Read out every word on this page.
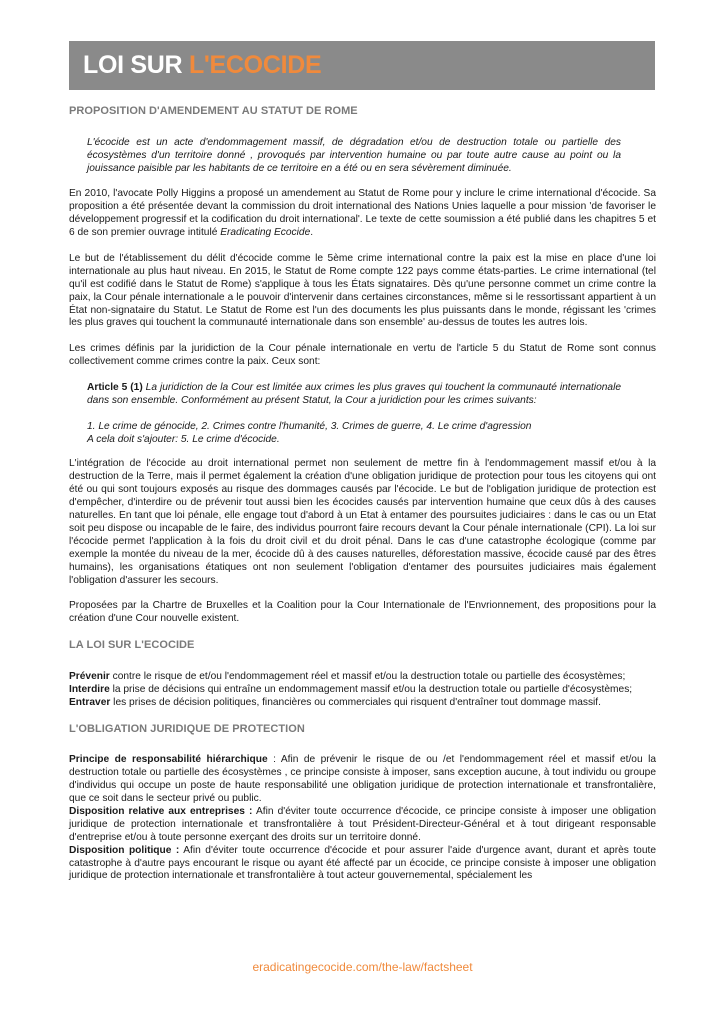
LOI SUR L'ECOCIDE
PROPOSITION D'AMENDEMENT AU STATUT DE ROME

L'écocide est un acte d'endommagement massif, de dégradation et/ou de destruction totale ou partielle des écosystèmes d'un territoire donné , provoqués par intervention humaine ou par toute autre cause au point ou la jouissance paisible par les habitants de ce territoire en a été ou en sera sévèrement diminuée.

En 2010, l'avocate Polly Higgins a proposé un amendement au Statut de Rome pour y inclure le crime international d'écocide. Sa proposition a été présentée devant la commission du droit international des Nations Unies laquelle a pour mission 'de favoriser le développement progressif et la codification du droit international'. Le texte de cette soumission a été publié dans les chapitres 5 et 6 de son premier ouvrage intitulé Eradicating Ecocide.

Le but de l'établissement du délit d'écocide comme le 5ème crime international contre la paix est la mise en place d'une loi internationale au plus haut niveau. En 2015, le Statut de Rome compte 122 pays comme états-parties. Le crime international (tel qu'il est codifié dans le Statut de Rome) s'applique à tous les États signataires. Dès qu'une personne commet un crime contre la paix, la Cour pénale internationale a le pouvoir d'intervenir dans certaines circonstances, même si le ressortissant appartient à un État non-signataire du Statut. Le Statut de Rome est l'un des documents les plus puissants dans le monde, régissant les 'crimes les plus graves qui touchent la communauté internationale dans son ensemble' au-dessus de toutes les autres lois.

Les crimes définis par la juridiction de la Cour pénale internationale en vertu de l'article 5 du Statut de Rome sont connus collectivement comme crimes contre la paix. Ceux sont:

Article 5 (1) La juridiction de la Cour est limitée aux crimes les plus graves qui touchent la communauté internationale dans son ensemble. Conformément au présent Statut, la Cour a juridiction pour les crimes suivants:

1. Le crime de génocide, 2. Crimes contre l'humanité, 3. Crimes de guerre, 4. Le crime d'agression
A cela doit s'ajouter: 5. Le crime d'écocide.

L'intégration de l'écocide au droit international permet non seulement de mettre fin à l'endommagement massif et/ou à la destruction de la Terre, mais il permet également la création d'une obligation juridique de protection pour tous les citoyens qui ont été ou qui sont toujours exposés au risque des dommages causés par l'écocide. Le but de l'obligation juridique de protection est d'empêcher, d'interdire ou de prévenir tout aussi bien les écocides causés par intervention humaine que ceux dûs à des causes naturelles. En tant que loi pénale, elle engage tout d'abord à un Etat à entamer des poursuites judiciaires : dans le cas ou un Etat soit peu dispose ou incapable de le faire, des individus pourront faire recours devant la Cour pénale internationale (CPI). La loi sur l'écocide permet l'application à la fois du droit civil et du droit pénal. Dans le cas d'une catastrophe écologique (comme par exemple la montée du niveau de la mer, écocide dû à des causes naturelles, déforestation massive, écocide causé par des êtres humains), les organisations étatiques ont non seulement l'obligation d'entamer des poursuites judiciaires mais également l'obligation d'assurer les secours.

Proposées par la Chartre de Bruxelles et la Coalition pour la Cour Internationale de l'Envrionnement, des propositions pour la création d'une Cour nouvelle existent.

LA LOI SUR L'ECOCIDE

Prévenir contre le risque de et/ou l'endommagement réel et massif et/ou la destruction totale ou partielle des écosystèmes;

Interdire la prise de décisions qui entraîne un endommagement massif et/ou la destruction totale ou partielle d'écosystèmes;

Entraver les prises de décision politiques, financières ou commerciales qui risquent d'entraîner tout dommage massif.

L'OBLIGATION JURIDIQUE DE PROTECTION

Principe de responsabilité hiérarchique : Afin de prévenir le risque de ou /et l'endommagement réel et massif et/ou la destruction totale ou partielle des écosystèmes , ce principe consiste à imposer, sans exception aucune, à tout individu ou groupe d'individus qui occupe un poste de haute responsabilité une obligation juridique de protection internationale et transfrontalière, que ce soit dans le secteur privé ou public.

Disposition relative aux entreprises : Afin d'éviter toute occurrence d'écocide, ce principe consiste à imposer une obligation juridique de protection internationale et transfrontalière à tout Président-Directeur-Général et à tout dirigeant responsable d'entreprise et/ou à toute personne exerçant des droits sur un territoire donné.

Disposition politique : Afin d'éviter toute occurrence d'écocide et pour assurer l'aide d'urgence avant, durant et après toute catastrophe à d'autre pays encourant le risque ou ayant été affecté par un écocide, ce principe consiste à imposer une obligation juridique de protection internationale et transfrontalière à tout acteur gouvernemental, spécialement les

eradicatingecocide.com/the-law/factsheet
